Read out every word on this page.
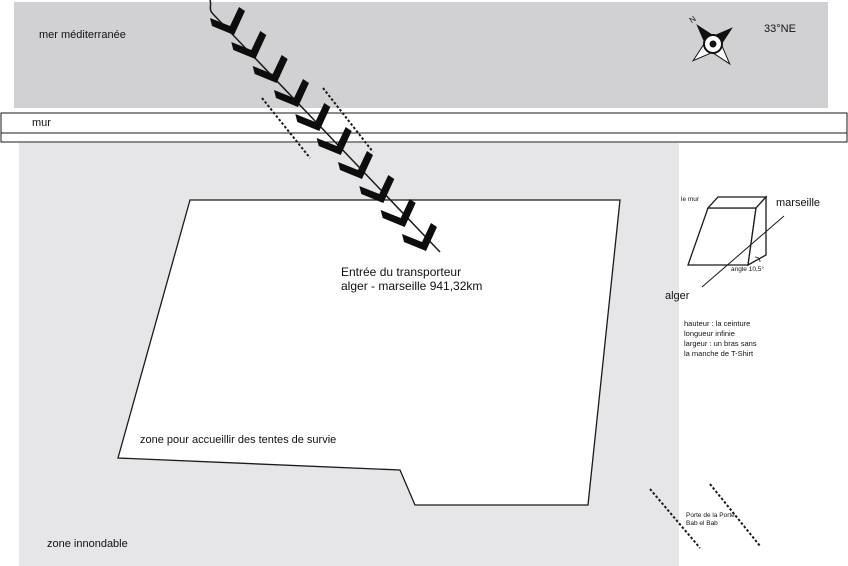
mer méditerranée	33°NE
N
mur
Entrée du transporteur
alger - marseille 941,32km
zone pour accueillir des tentes de survie
zone innondable
le mur	marseille
alger
angle 10,5°
hauteur : la ceinture
longueur infinie
largeur : un bras sans
la manche de T-Shirt
Porte de la Porte
Bab el Bab
